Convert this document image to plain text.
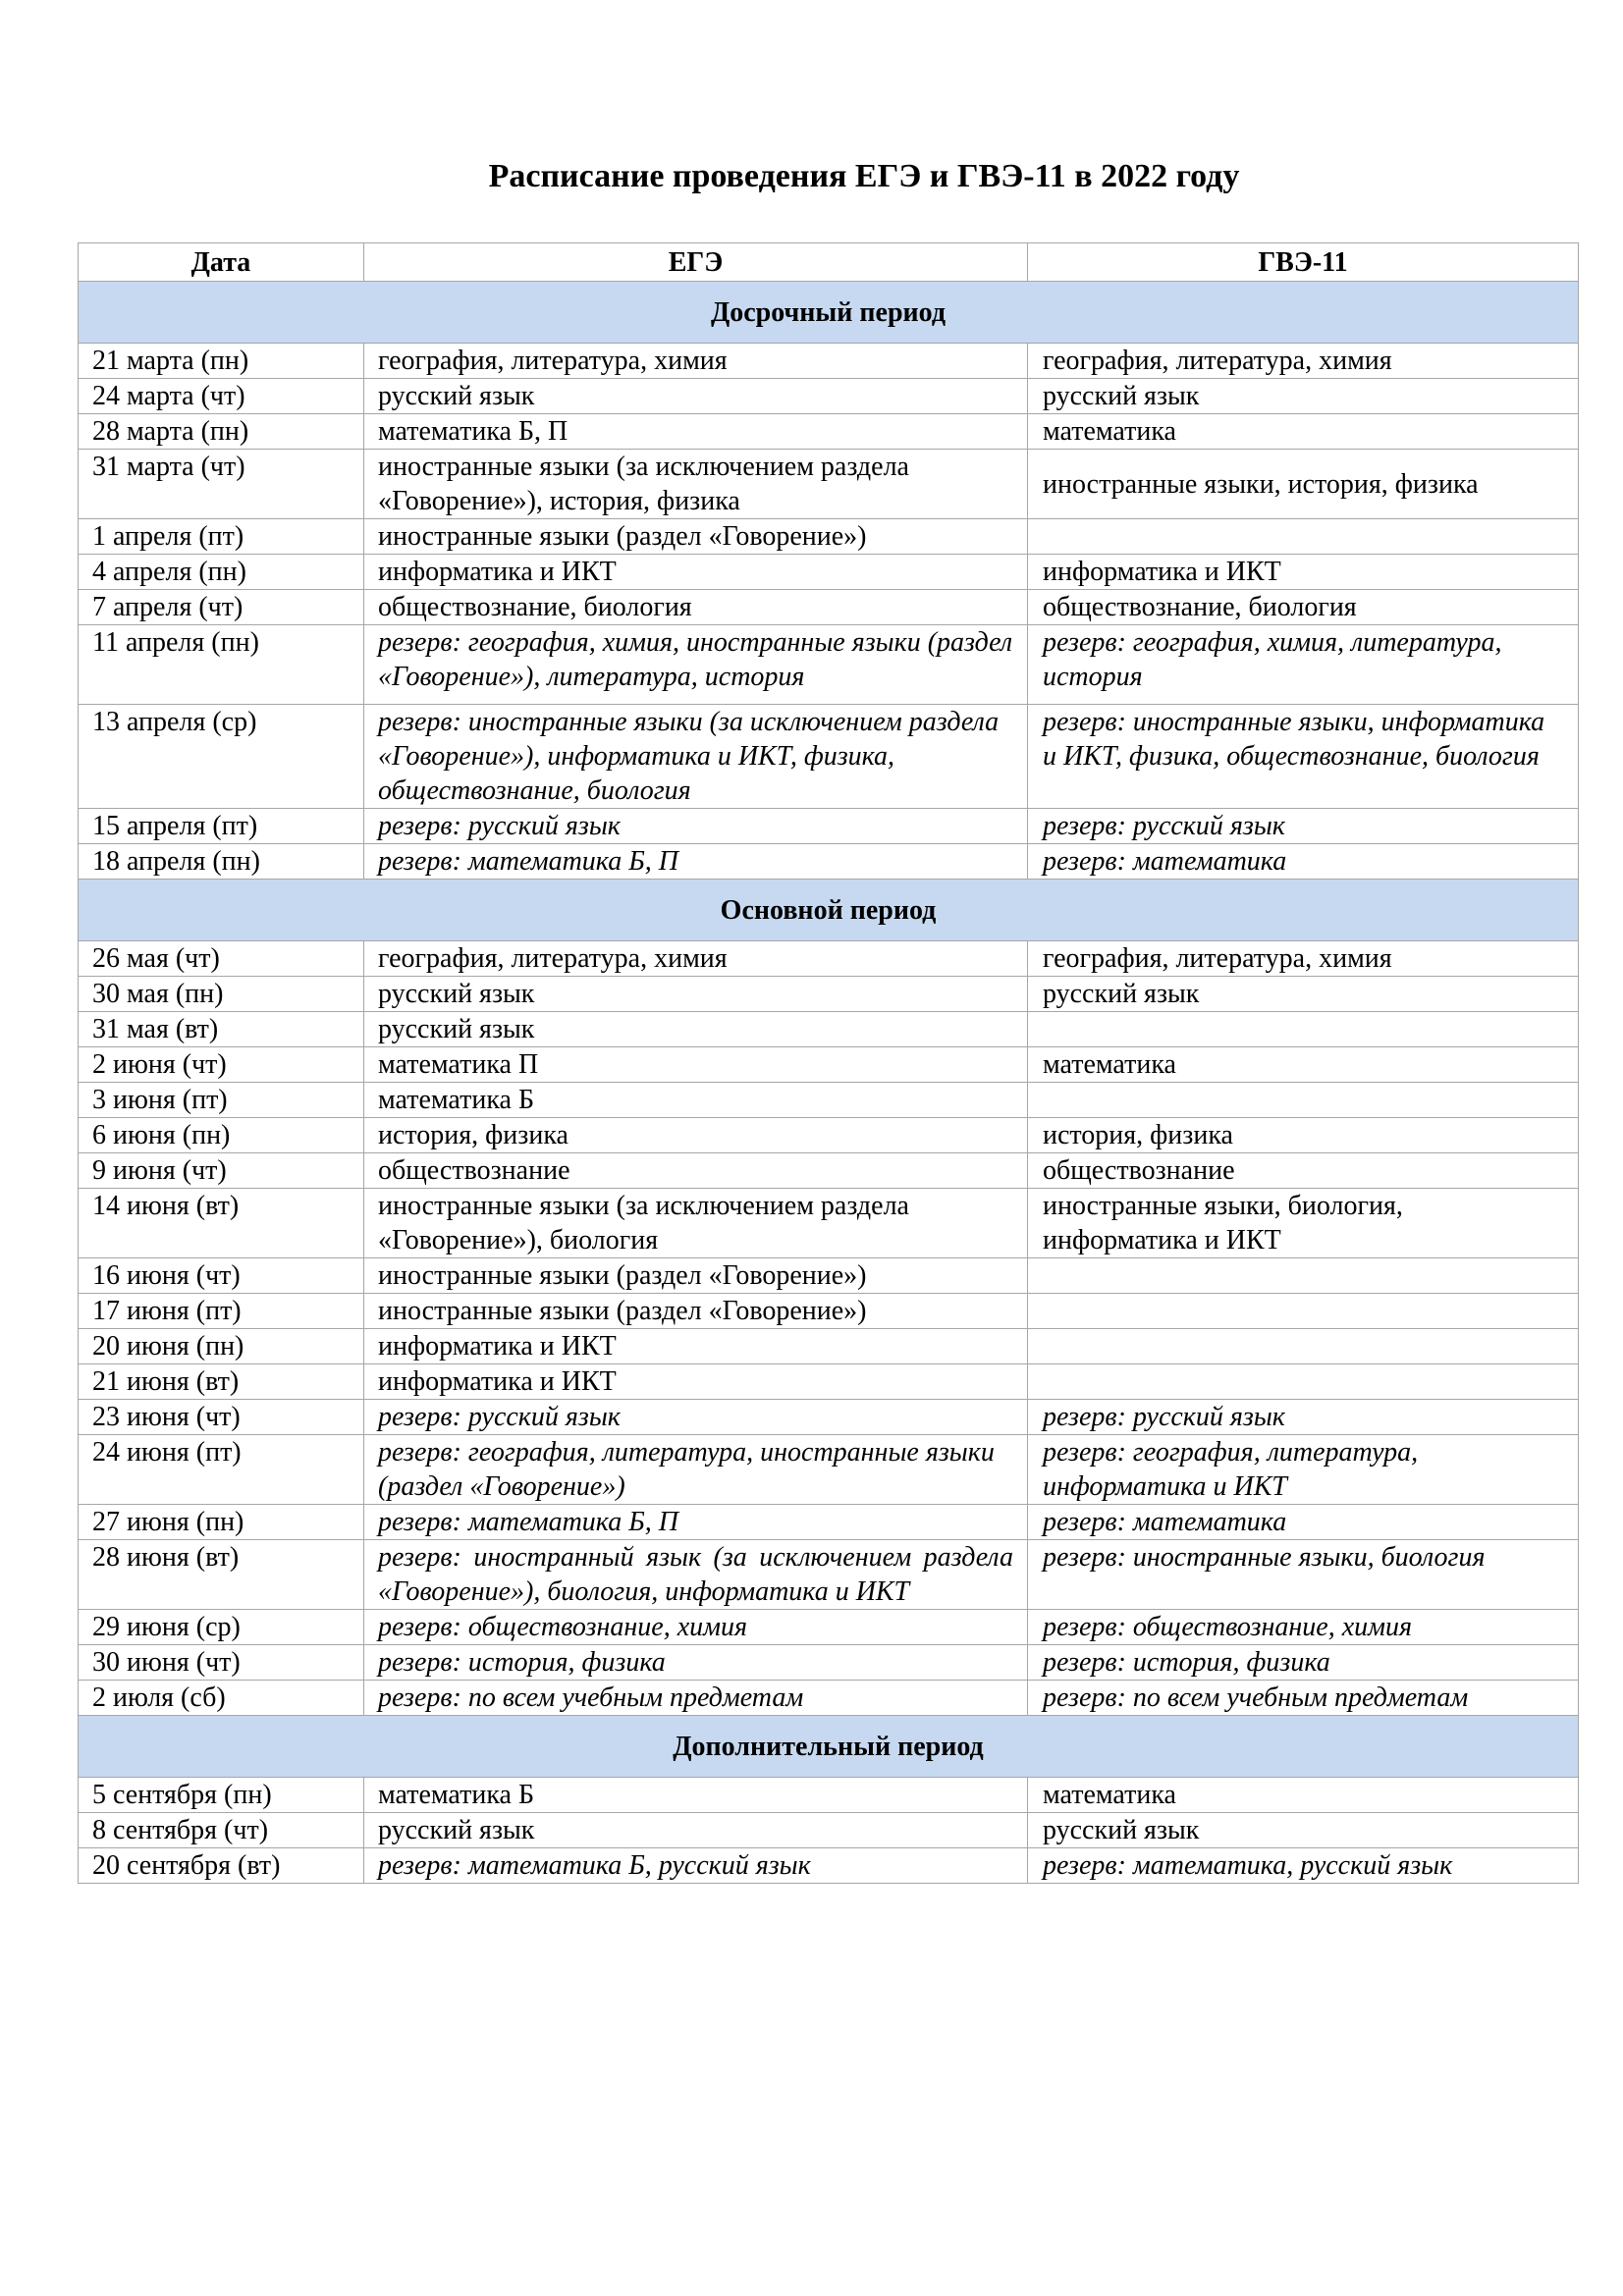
Расписание проведения ЕГЭ и ГВЭ-11 в 2022 году
Дата	ЕГЭ	ГВЭ-11
Досрочный период		
21 марта (пн)	география, литература, химия	география, литература, химия
24 марта (чт)	русский язык	русский язык
28 марта (пн)	математика Б, П	математика
31 марта (чт)	иностранные языки (за исключением раздела «Говорение»), история, физика	иностранные языки, история, физика
1 апреля (пт)	иностранные языки (раздел «Говорение»)	
4 апреля (пн)	информатика и ИКТ	информатика и ИКТ
7 апреля (чт)	обществознание, биология	обществознание, биология
11 апреля (пн)	резерв: география, химия, иностранные языки (раздел «Говорение»), литература, история	резерв: география, химия, литература, история
13 апреля (ср)	резерв: иностранные языки (за исключением раздела «Говорение»), информатика и ИКТ, физика, обществознание, биология	резерв: иностранные языки, информатика и ИКТ, физика, обществознание, биология
15 апреля (пт)	резерв: русский язык	резерв: русский язык
18 апреля (пн)	резерв: математика Б, П	резерв: математика
Основной период		
26 мая (чт)	география, литература, химия	география, литература, химия
30 мая (пн)	русский язык	русский язык
31 мая (вт)	русский язык	
2 июня (чт)	математика П	математика
3 июня (пт)	математика Б	
6 июня (пн)	история, физика	история, физика
9 июня (чт)	обществознание	обществознание
14 июня (вт)	иностранные языки (за исключением раздела «Говорение»), биология	иностранные языки, биология, информатика и ИКТ
16 июня (чт)	иностранные языки (раздел «Говорение»)	
17 июня (пт)	иностранные языки (раздел «Говорение»)	
20 июня (пн)	информатика и ИКТ	
21 июня (вт)	информатика и ИКТ	
23 июня (чт)	резерв: русский язык	резерв: русский язык
24 июня (пт)	резерв: география, литература, иностранные языки (раздел «Говорение»)	резерв: география, литература, информатика и ИКТ
27 июня (пн)	резерв: математика Б, П	резерв: математика
28 июня (вт)	резерв: иностранный язык (за исключением раздела «Говорение»), биология, информатика и ИКТ	резерв: иностранные языки, биология
29 июня (ср)	резерв: обществознание, химия	резерв: обществознание, химия
30 июня (чт)	резерв: история, физика	резерв: история, физика
2 июля (сб)	резерв: по всем учебным предметам	резерв: по всем учебным предметам
Дополнительный период		
5 сентября (пн)	математика Б	математика
8 сентября (чт)	русский язык	русский язык
20 сентября (вт)	резерв: математика Б, русский язык	резерв: математика, русский язык
